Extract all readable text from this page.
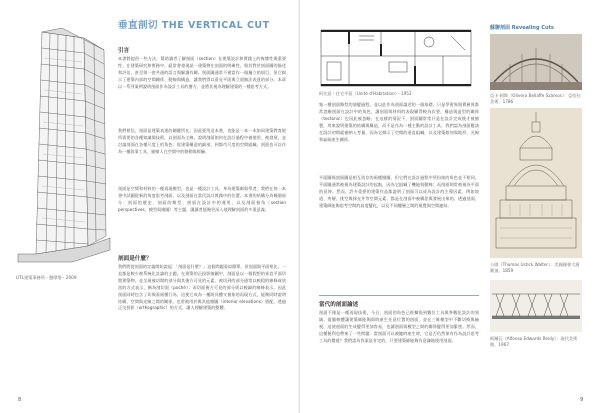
UTL建築事務所・懸摩塔・2009
垂直剖切 THE VERTICAL CUT
引言

本書將提供一些方法，幫助讀者了解剖面（section）在建築設計和實踐上的複雜性與重要性。在建築研究和實務中，絕常會發現某一建築物在剖面的明確性，與其對於剖面圖的描述和評估，甚至與一套共通的語言與解讀有關。剖面圖通常不被當作一個獨立的項目，但它揭示了建築內部的空間關係、動線與構造，讓我們得以看見平面與立面無法表達的部分。本章以一系列案例說明剖面作為設計工具的潛力，並將其視為理解建築的一種思考方式。

我們相信，剖面是建築表達的關鍵所在。因此要用這本書，也能是一本一本如同建築教育般所需要的各種知識與技術，以剖面為主線，說明剖面如何在設計過程中被使用、被發展，並討論剖面在各種尺度上的角色：從建築構造的細部，到都市尺度的空間組織。剖面也可以作為一種敘事工具，描繪人在空間中的移動與經驗。

剖面是空間和材料的一種再現模型，也是一種設計工具，身為建築師與學者，我們在每一本書中試圖從新的角度思考剖面，以及剖面在當代設計實踐中的位置。本書的結構分為幾個部分：剖面的歷史、剖面的類型、剖面在設計中的運用，以及剖面視角（section perspectives、模型與繪圖）等主題，讓讀者能夠更深入地理解剖面的多重意義。

剖面是什麼？

我們將從剖面的定義開始說起：「剖面是什麼？」這個問題看似簡單，但剖面與平面相比，一直都是較少被系統化討論的主題。在建築的正投影繪圖中，剖面是以一個假想的垂直平面切開建築物，並呈現被切開的部分與其後方可見的元素。被切到的部分通常以較粗的線條或塗黑的方式表示，稱為剖切面（poché）；而切面後方可見的部分則以較細的線條表示。因此剖面同時包含了切與看兩種行為，這使它成為一種既具體又抽象的再現方式，能夠同時說明結構、空間與光線之間的關係，也常被用於與其他繪圖（interior elevations）搭配，透過正交投影（orthographic）的方式，讓人理解建築的整體。

8
柯比意・住宅平面（Unité d'Habitation）・1952

集一種剖面類型的演變過程，並以此作為剖面論述的一個基礎。只是學術界與實務界都常忽略剖面在設計中的角色，讓剖面與材料的表現顯得較為次要，構造與造型的關係（tectonic）也因此被忽略。在這樣的情況下，剖面圖常常只是在設計完成後才被繪製，用來說明建築的結構與構造，而不是作為一種主動的設計工具。我們認為剖面應該在設計初期就被納入考量，因為它揭示了空間的垂直組織，以及建築如何與地形、光線和氣候產生關係。

平面圖與剖面圖是相互依存的兩種繪圖，但它們在設計過程中所扮演的角色並不相同。平面圖通常被視為建築設計的起點，因為它組織了機能與動線；而剖面則常被視為平面的延伸。然而，許多重要的建築作品都證明了剖面可以成為設計的主導因素，例如坡道、夾層、挑空與採光井等空間元素，都是在剖面中被構思與發展出來的。透過剖面，建築師能夠思考空間的高度變化，以及不同樓層之間的視覺與空間連結。

當代的剖面論述

剖面不僅是一種再現技術，今日，剖面的角色已經擴張到數位工具與參數化設計的領域。電腦軟體讓建築師能夠即時產生任意位置的剖面，並在三維模型中不斷切換與檢視，這使剖面的生成變得更加容易，也讓剖面與模型之間的關係變得更加緊密。然而，這種便利也帶來了一些問題：當剖面可以被隨時產生時，它是否仍然保有作為設計思考工具的價值？我們認為答案是肯定的，只要建築師能夠有意識地使用剖面。

蘇聯剖面 Revealing Cuts
亞卡·阿斯（Olivera Bellaffe Szamos）：亞哈拉美術，1786
公園（Thomas Ustick Walter）：美國國會大廈圓頂，1859
阿爾瓦（Alfonso Edwards Reidy）：現代美術館，1967
9
